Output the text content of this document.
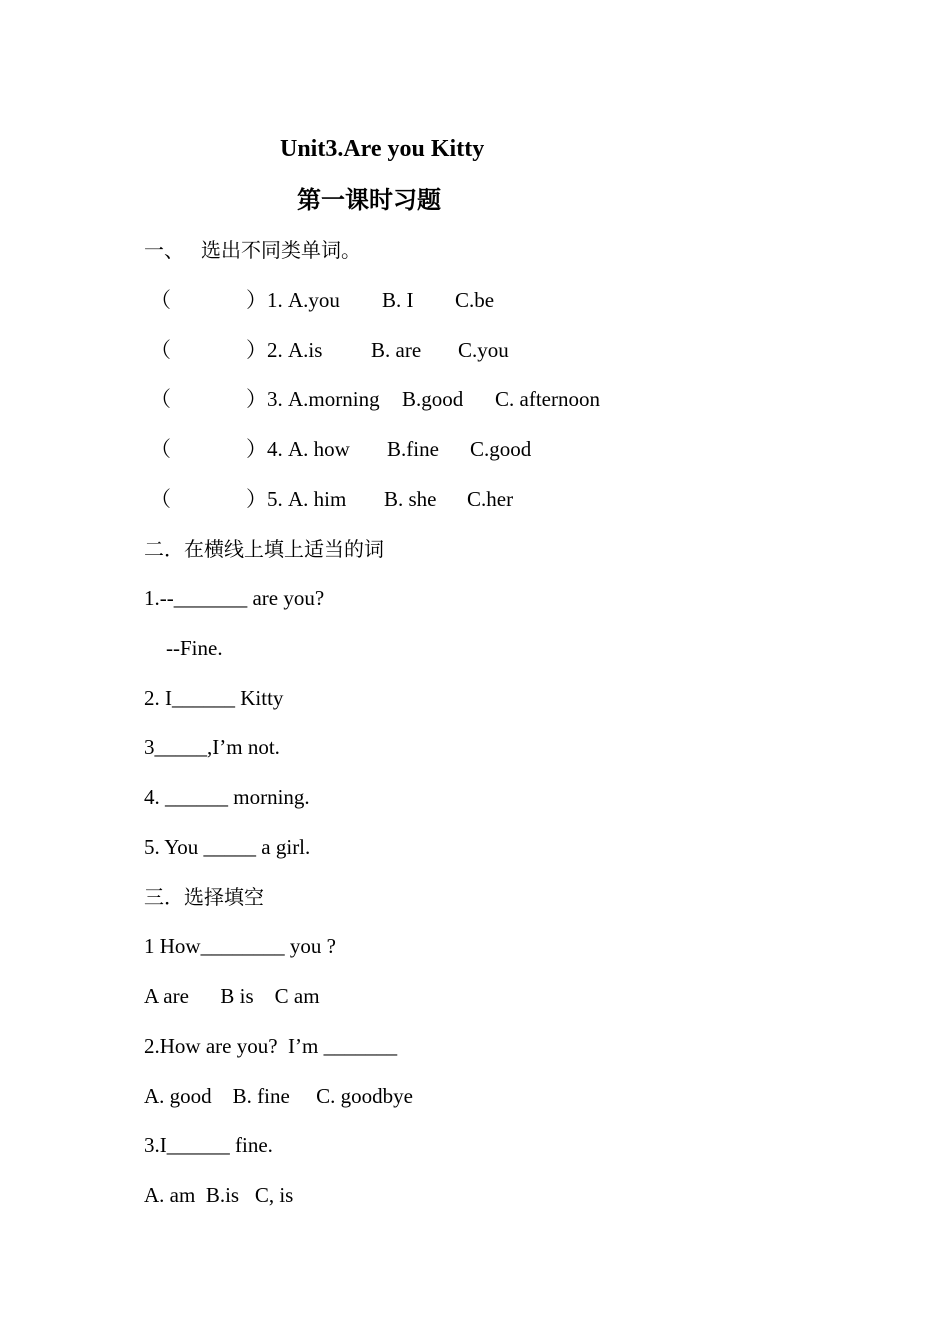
Unit3.Are you Kitty
第一课时习题
一、 选出不同类单词。
（	） 1. A.you B. I C.be
（	） 2. A.is B. are C.you
（	） 3. A.morning B.good C. afternoon
（	） 4. A. how B.fine C.good
（	） 5. A. him B. she C.her
二．在横线上填上适当的词
1.--_______ are you?
--Fine.
2. I______ Kitty
3_____,I’m not.
4. ______ morning.
5. You _____ a girl.
三．选择填空
1 How________ you ?
A are      B is    C am
2.How are you?  I’m _______
A. good    B. fine     C. goodbye
3.I______ fine.
A. am  B.is   C, is
